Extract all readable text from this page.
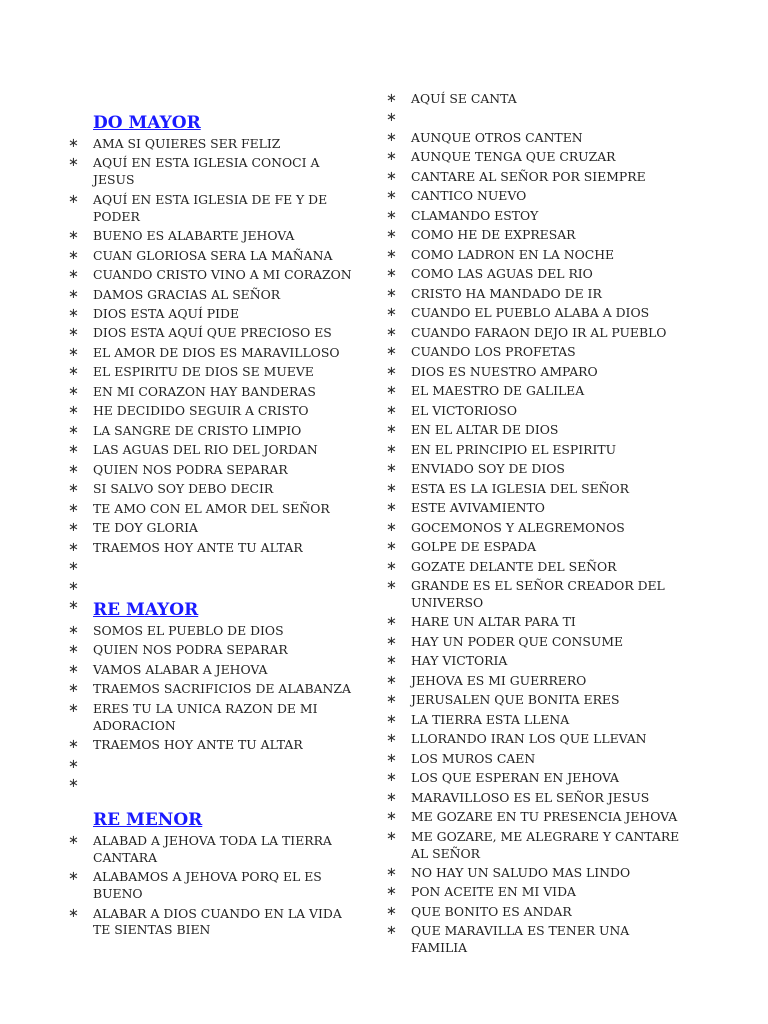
DO MAYOR
∗ AMA SI QUIERES SER FELIZ
∗ AQUÍ EN ESTA IGLESIA CONOCI A JESUS
∗ AQUÍ EN ESTA IGLESIA DE FE Y DE PODER
∗ BUENO ES ALABARTE JEHOVA
∗ CUAN GLORIOSA SERA LA MAÑANA
∗ CUANDO CRISTO VINO A MI CORAZON
∗ DAMOS GRACIAS AL SEÑOR
∗ DIOS ESTA AQUÍ PIDE
∗ DIOS ESTA AQUÍ QUE PRECIOSO ES
∗ EL AMOR DE DIOS ES MARAVILLOSO
∗ EL ESPIRITU DE DIOS SE MUEVE
∗ EN MI CORAZON HAY BANDERAS
∗ HE DECIDIDO SEGUIR A CRISTO
∗ LA SANGRE DE CRISTO LIMPIO
∗ LAS AGUAS DEL RIO DEL JORDAN
∗ QUIEN NOS PODRA SEPARAR
∗ SI SALVO SOY DEBO DECIR
∗ TE AMO CON EL AMOR DEL SEÑOR
∗ TE DOY GLORIA
∗ TRAEMOS HOY ANTE TU ALTAR
∗
∗
∗ RE MAYOR
∗ SOMOS EL PUEBLO DE DIOS
∗ QUIEN NOS PODRA SEPARAR
∗ VAMOS ALABAR A JEHOVA
∗ TRAEMOS SACRIFICIOS DE ALABANZA
∗ ERES TU LA UNICA RAZON DE MI ADORACION
∗ TRAEMOS HOY ANTE TU ALTAR
∗
∗
RE MENOR
∗ ALABAD A JEHOVA TODA LA TIERRA CANTARA
∗ ALABAMOS A JEHOVA PORQ EL ES BUENO
∗ ALABAR A DIOS CUANDO EN LA VIDA TE SIENTAS BIEN
∗ AQUÍ SE CANTA
∗
∗ AUNQUE OTROS CANTEN
∗ AUNQUE TENGA QUE CRUZAR
∗ CANTARE AL SEÑOR POR SIEMPRE
∗ CANTICO NUEVO
∗ CLAMANDO ESTOY
∗ COMO HE DE EXPRESAR
∗ COMO LADRON EN LA NOCHE
∗ COMO LAS AGUAS DEL RIO
∗ CRISTO HA MANDADO DE IR
∗ CUANDO EL PUEBLO ALABA A DIOS
∗ CUANDO FARAON DEJO IR AL PUEBLO
∗ CUANDO LOS PROFETAS
∗ DIOS ES NUESTRO AMPARO
∗ EL MAESTRO DE GALILEA
∗ EL VICTORIOSO
∗ EN EL ALTAR DE DIOS
∗ EN EL PRINCIPIO EL ESPIRITU
∗ ENVIADO SOY DE DIOS
∗ ESTA ES LA IGLESIA DEL SEÑOR
∗ ESTE AVIVAMIENTO
∗ GOCEMONOS Y ALEGREMONOS
∗ GOLPE DE ESPADA
∗ GOZATE DELANTE DEL SEÑOR
∗ GRANDE ES EL SEÑOR CREADOR DEL UNIVERSO
∗ HARE UN ALTAR PARA TI
∗ HAY UN PODER QUE CONSUME
∗ HAY VICTORIA
∗ JEHOVA ES MI GUERRERO
∗ JERUSALEN QUE BONITA ERES
∗ LA TIERRA ESTA LLENA
∗ LLORANDO IRAN LOS QUE LLEVAN
∗ LOS MUROS CAEN
∗ LOS QUE ESPERAN EN JEHOVA
∗ MARAVILLOSO ES EL SEÑOR JESUS
∗ ME GOZARE EN TU PRESENCIA JEHOVA
∗ ME GOZARE, ME ALEGRARE Y CANTARE AL SEÑOR
∗ NO HAY UN SALUDO MAS LINDO
∗ PON ACEITE EN MI VIDA
∗ QUE BONITO ES ANDAR
∗ QUE MARAVILLA ES TENER UNA FAMILIA
